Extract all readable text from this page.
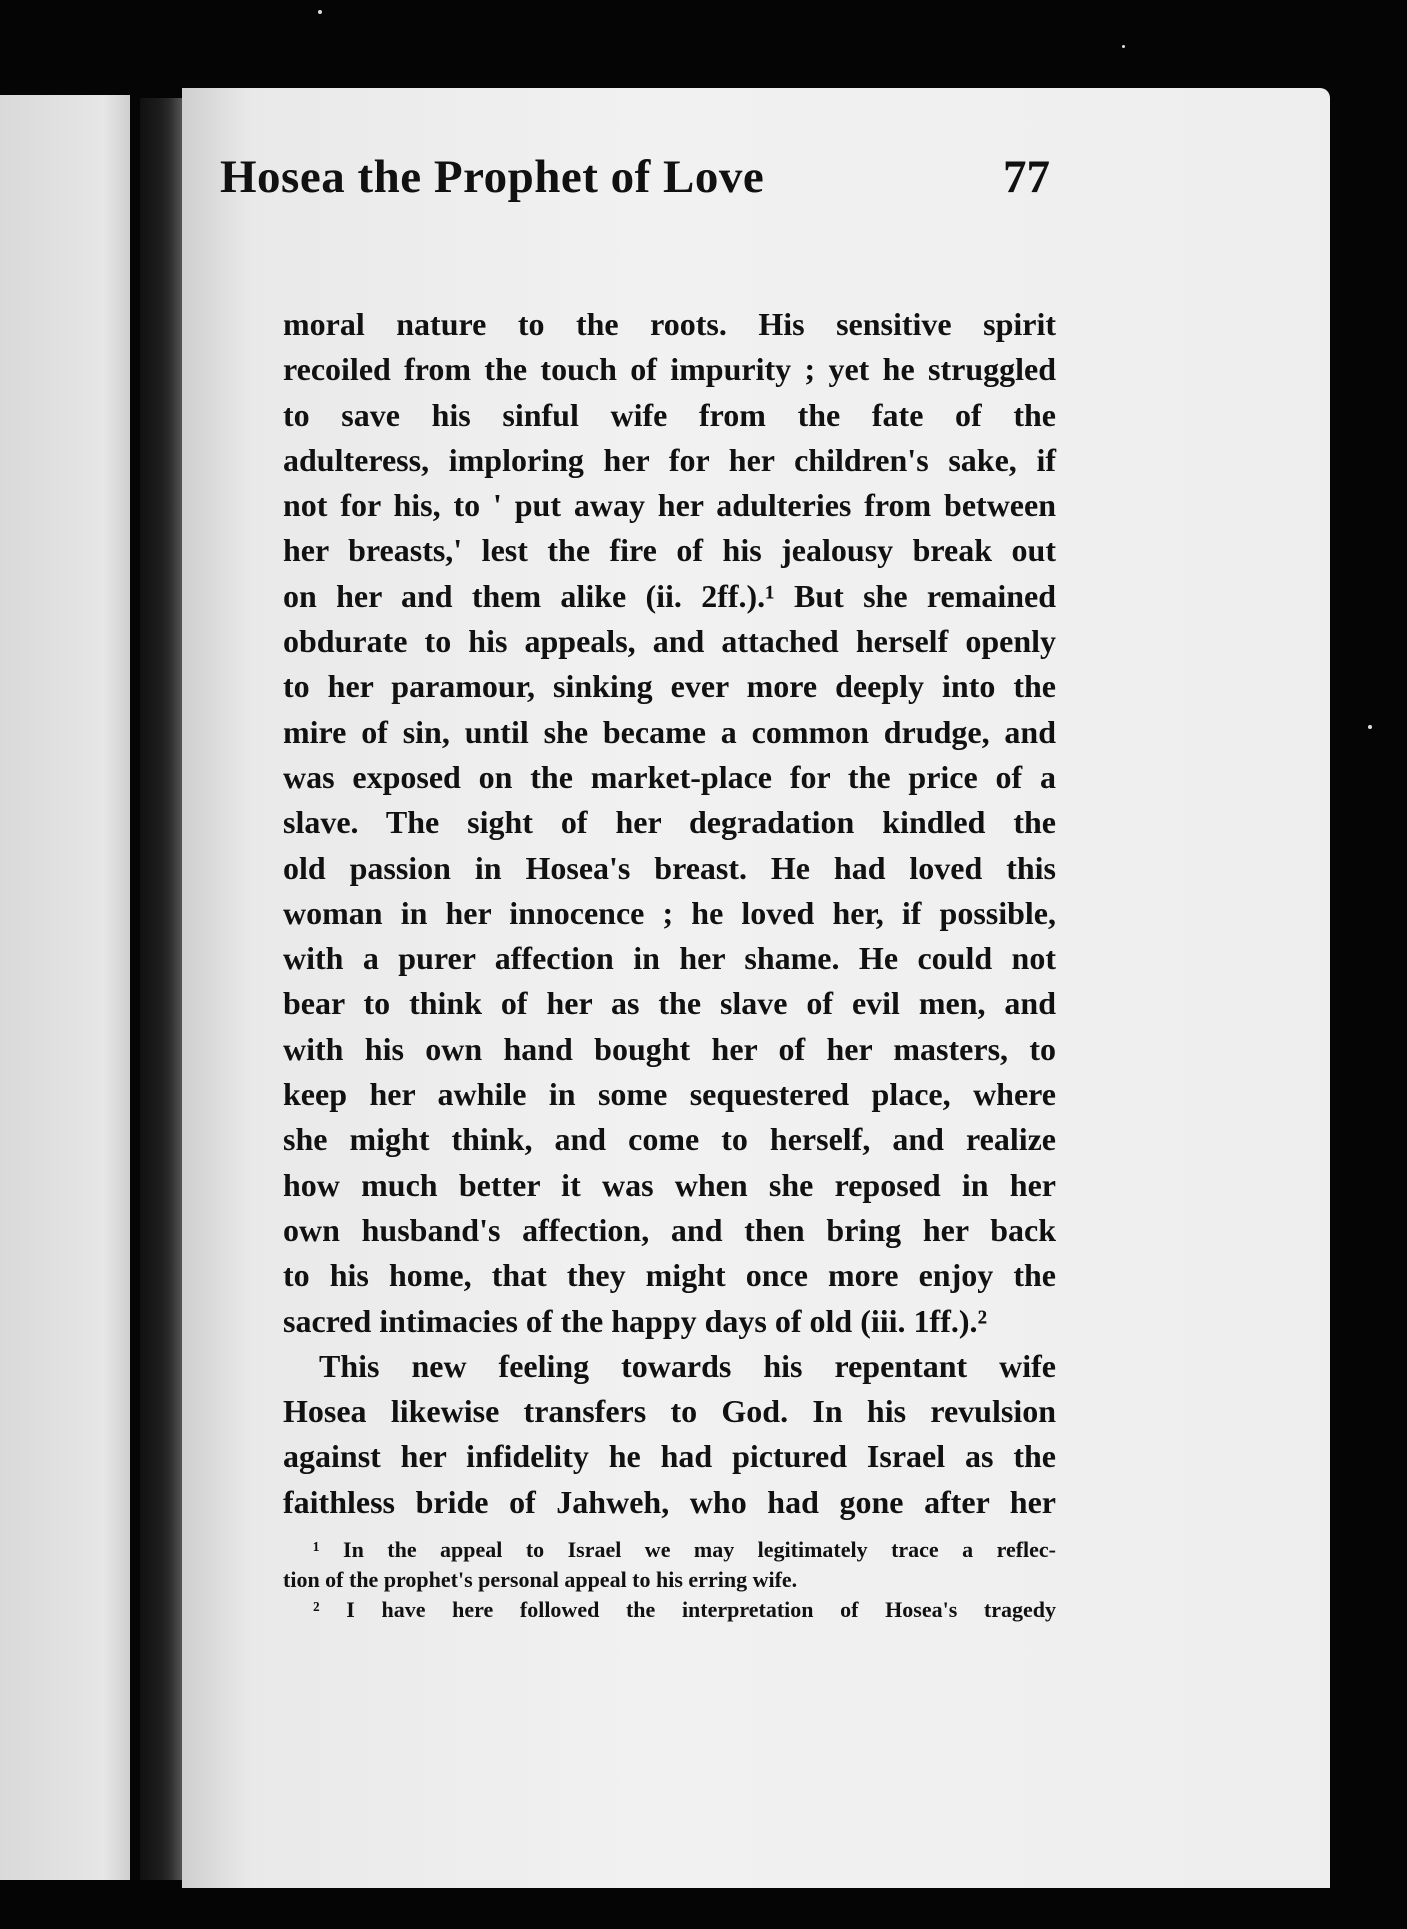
Hosea the Prophet of Love	77
moral nature to the roots. His sensitive spirit
recoiled from the touch of impurity ; yet he struggled
to save his sinful wife from the fate of the
adulteress, imploring her for her children's sake, if
not for his, to ' put away her adulteries from between
her breasts,' lest the fire of his jealousy break out
on her and them alike (ii. 2ff.).¹ But she remained
obdurate to his appeals, and attached herself openly
to her paramour, sinking ever more deeply into the
mire of sin, until she became a common drudge, and
was exposed on the market-place for the price of a
slave. The sight of her degradation kindled the
old passion in Hosea's breast. He had loved this
woman in her innocence ; he loved her, if possible,
with a purer affection in her shame. He could not
bear to think of her as the slave of evil men, and
with his own hand bought her of her masters, to
keep her awhile in some sequestered place, where
she might think, and come to herself, and realize
how much better it was when she reposed in her
own husband's affection, and then bring her back
to his home, that they might once more enjoy the
sacred intimacies of the happy days of old (iii. 1ff.).²
This new feeling towards his repentant wife
Hosea likewise transfers to God. In his revulsion
against her infidelity he had pictured Israel as the
faithless bride of Jahweh, who had gone after her
¹ In the appeal to Israel we may legitimately trace a reflec-
tion of the prophet's personal appeal to his erring wife.
² I have here followed the interpretation of Hosea's tragedy
